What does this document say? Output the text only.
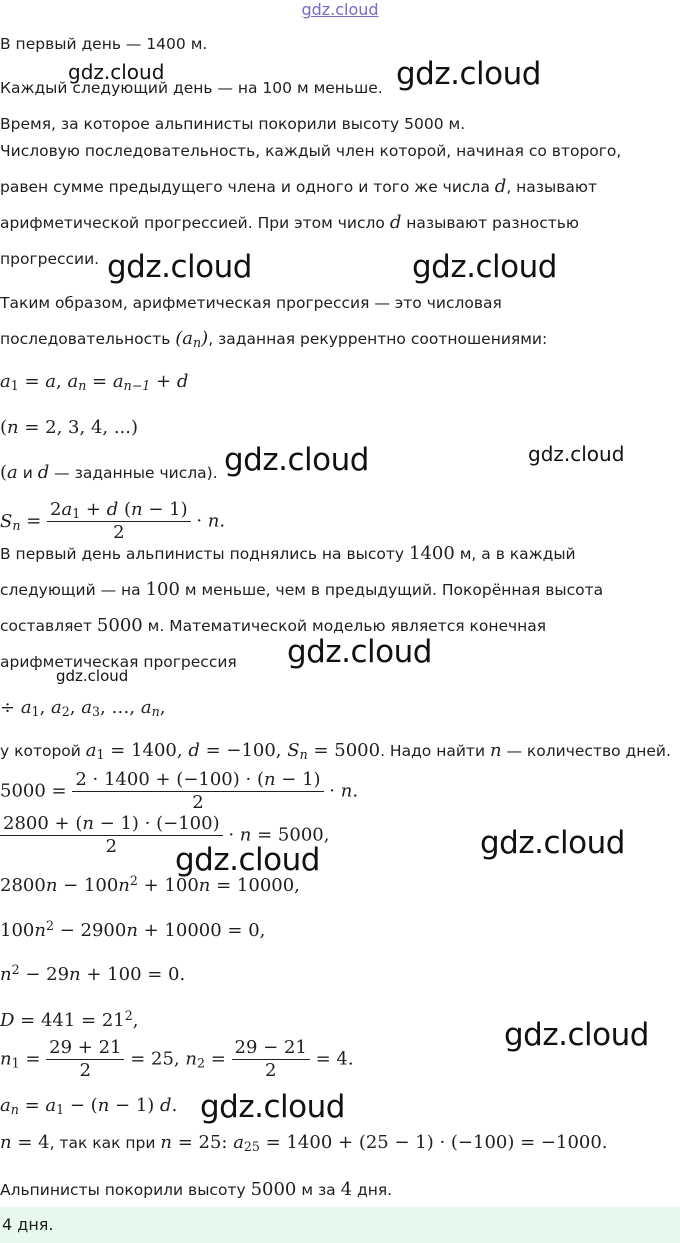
gdz.cloud
В первый день — 1400 м.
Каждый следующий день — на 100 м меньше.
Время, за которое альпинисты покорили высоту 5000 м.
Числовую последовательность, каждый член которой, начиная со второго,
равен сумме предыдущего члена и одного и того же числа d, называют
арифметической прогрессией. При этом число d называют разностью
прогрессии.
Таким образом, арифметическая прогрессия — это числовая
последовательность $(a_n)$, заданная рекуррентно соотношениями:
$a_1 = a$, $a_n = a_{n-1} + d$
(n = 2, 3, 4, ...)
(a и d — заданные числа).
$S_n = \frac{2a_1 + d (n - 1)}{2} \cdot n$.
В первый день альпинисты поднялись на высоту 1400 м, а в каждый
следующий — на 100 м меньше, чем в предыдущий. Покорённая высота
составляет 5000 м. Математической моделью является конечная
арифметическая прогрессия
÷ $a_1$, $a_2$, $a_3$, …, $a_n$,
у которой $a_1 = 1400$, d = −100, $S_n = 5000$. Надо найти n — количество дней.
$5000 = \frac{2 \cdot 1400 + (-100) \cdot (n - 1)}{2} \cdot n$.
$\frac{2800 + (n - 1) \cdot (-100)}{2} \cdot n = 5000$,
$2800n - 100n^2 + 100n = 10000$,
$100n^2 - 2900n + 10000 = 0$,
$n^2 - 29n + 100 = 0$.
$D = 441 = 21^2$,
$n_1 = \frac{29 + 21}{2} = 25$, $n_2 = \frac{29 - 21}{2} = 4$.
$a_n = a_1 - (n - 1)$ d.
n = 4, так как при n = 25: $a_{25} = 1400 + (25 - 1) \cdot (-100) = -1000$.
Альпинисты покорили высоту 5000 м за 4 дня.
4 дня.
gdz.cloud	gdz.cloud
gdz.cloud	gdz.cloud
gdz.cloud	gdz.cloud
gdz.cloud
gdz.cloud
gdz.cloud
gdz.cloud
gdz.cloud
gdz.cloud
